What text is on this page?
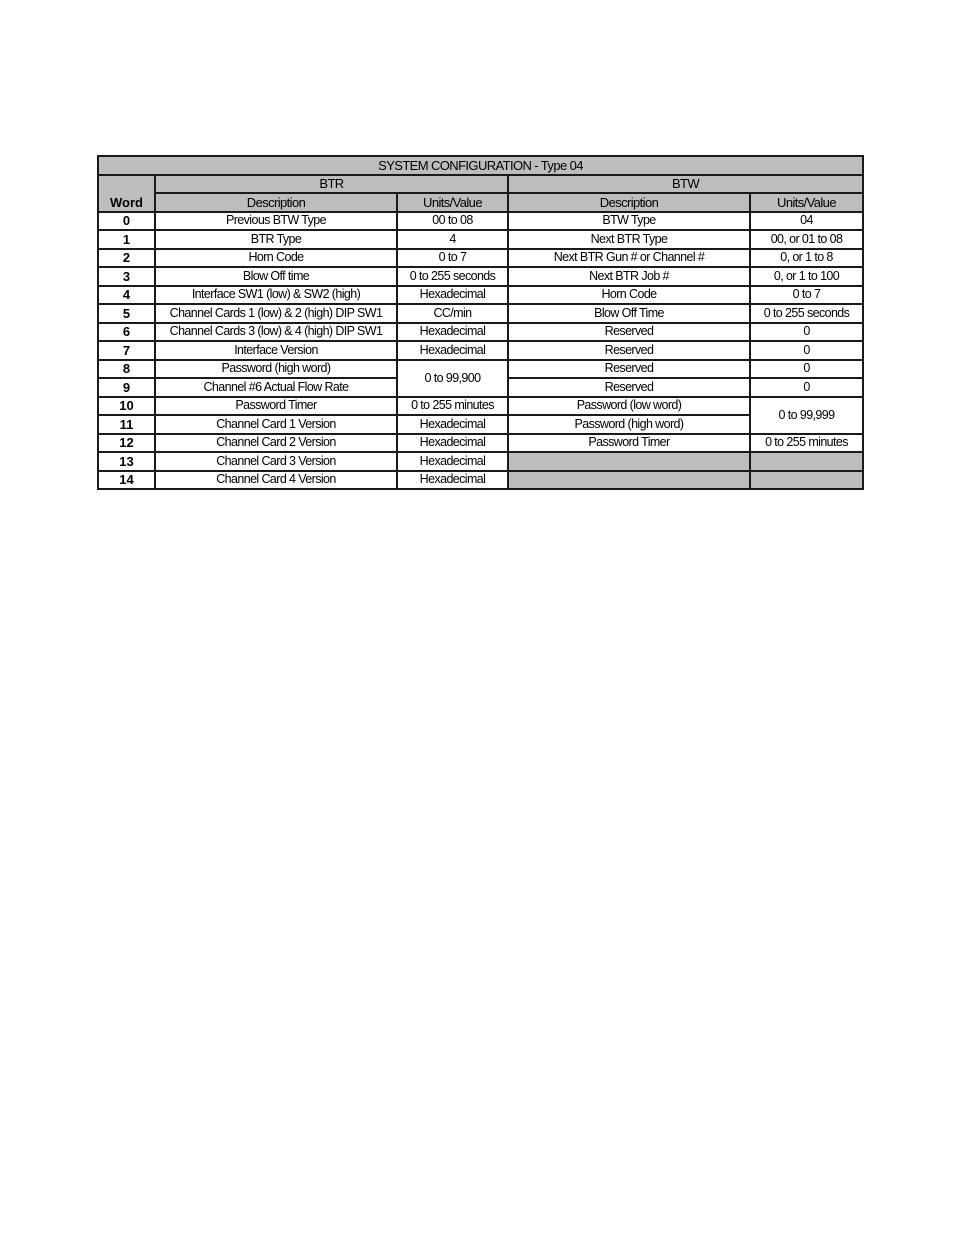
SYSTEM CONFIGURATION - Type 04				
Word	BTR		BTW	
	Description	Units/Value	Description	Units/Value
0	Previous BTW Type	00 to 08	BTW Type	04
1	BTR Type	4	Next BTR Type	00, or 01 to 08
2	Horn Code	0 to 7	Next BTR Gun # or Channel #	0, or 1 to 8
3	Blow Off time	0 to 255 seconds	Next BTR Job #	0, or 1 to 100
4	Interface SW1 (low) & SW2 (high)	Hexadecimal	Horn Code	0 to 7
5	Channel Cards 1 (low) & 2 (high) DIP SW1	CC/min	Blow Off Time	0 to 255 seconds
6	Channel Cards 3 (low) & 4 (high) DIP SW1	Hexadecimal	Reserved	0
7	Interface Version	Hexadecimal	Reserved	0
8	Password (high word)	0 to 99,900	Reserved	0
9	Channel #6 Actual Flow Rate		Reserved	0
10	Password Timer	0 to 255 minutes	Password (low word)	0 to 99,999
11	Channel Card 1 Version	Hexadecimal	Password (high word)	
12	Channel Card 2 Version	Hexadecimal	Password Timer	0 to 255 minutes
13	Channel Card 3 Version	Hexadecimal		
14	Channel Card 4 Version	Hexadecimal		
